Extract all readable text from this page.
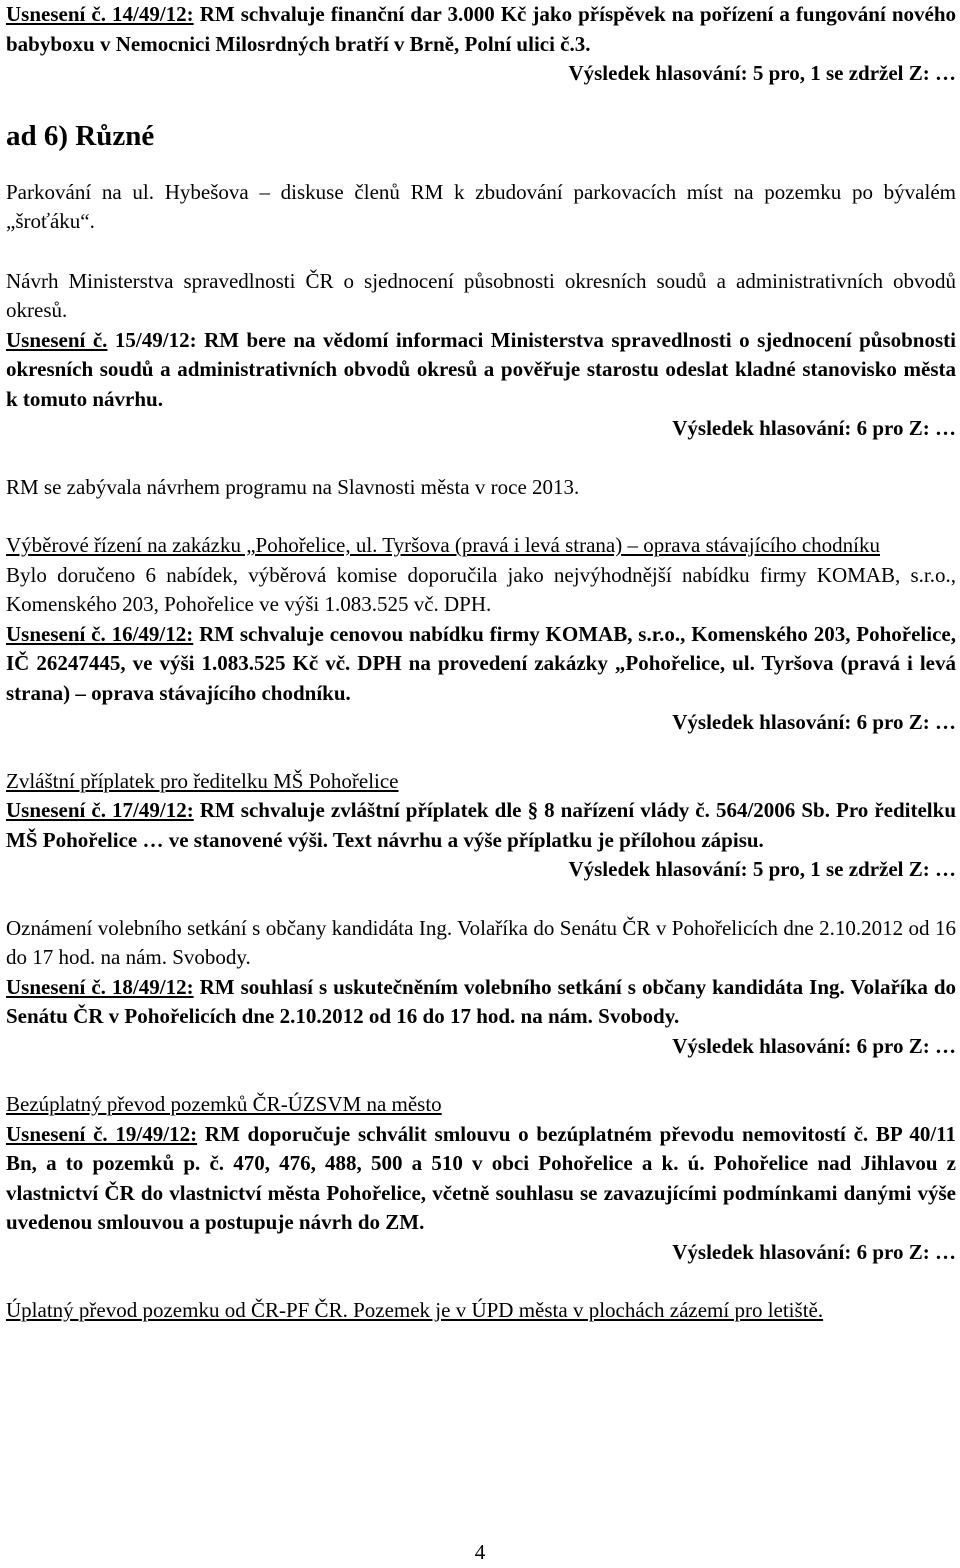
Usnesení č. 14/49/12: RM schvaluje finanční dar 3.000 Kč jako příspěvek na pořízení a fungování nového babyboxu v Nemocnici Milosrdných bratří v Brně, Polní ulici č.3.

Výsledek hlasování: 5 pro, 1 se zdržel Z: …

ad 6) Různé

Parkování na ul. Hybešova – diskuse členů RM k zbudování parkovacích míst na pozemku po bývalém „šroťáku“.

Návrh Ministerstva spravedlnosti ČR o sjednocení působnosti okresních soudů a administrativních obvodů okresů.

Usnesení č. 15/49/12: RM bere na vědomí informaci Ministerstva spravedlnosti o sjednocení působnosti okresních soudů a administrativních obvodů okresů a pověřuje starostu odeslat kladné stanovisko města k tomuto návrhu.

Výsledek hlasování: 6 pro Z: …

RM se zabývala návrhem programu na Slavnosti města v roce 2013.

Výběrové řízení na zakázku „Pohořelice, ul. Tyršova (pravá i levá strana) – oprava stávajícího chodníku

Bylo doručeno 6 nabídek, výběrová komise doporučila jako nejvýhodnější nabídku firmy KOMAB, s.r.o., Komenského 203, Pohořelice ve výši 1.083.525 vč. DPH.

Usnesení č. 16/49/12: RM schvaluje cenovou nabídku firmy KOMAB, s.r.o., Komenského 203, Pohořelice, IČ 26247445, ve výši 1.083.525 Kč vč. DPH na provedení zakázky „Pohořelice, ul. Tyršova (pravá i levá strana) – oprava stávajícího chodníku.

Výsledek hlasování: 6 pro Z: …

Zvláštní příplatek pro ředitelku MŠ Pohořelice

Usnesení č. 17/49/12: RM schvaluje zvláštní příplatek dle § 8 nařízení vlády č. 564/2006 Sb. Pro ředitelku MŠ Pohořelice … ve stanovené výši. Text návrhu a výše příplatku je přílohou zápisu.

Výsledek hlasování: 5 pro, 1 se zdržel Z: …

Oznámení volebního setkání s občany kandidáta Ing. Volaříka do Senátu ČR v Pohořelicích dne 2.10.2012 od 16 do 17 hod. na nám. Svobody.

Usnesení č. 18/49/12: RM souhlasí s uskutečněním volebního setkání s občany kandidáta Ing. Volaříka do Senátu ČR v Pohořelicích dne 2.10.2012 od 16 do 17 hod. na nám. Svobody.

Výsledek hlasování: 6 pro Z: …

Bezúplatný převod pozemků ČR-ÚZSVM na město

Usnesení č. 19/49/12: RM doporučuje schválit smlouvu o bezúplatném převodu nemovitostí č. BP 40/11 Bn, a to pozemků p. č. 470, 476, 488, 500 a 510 v obci Pohořelice a k. ú. Pohořelice nad Jihlavou z vlastnictví ČR do vlastnictví města Pohořelice, včetně souhlasu se zavazujícími podmínkami danými výše uvedenou smlouvou a postupuje návrh do ZM.

Výsledek hlasování: 6 pro Z: …

Úplatný převod pozemku od ČR-PF ČR. Pozemek je v ÚPD města v plochách zázemí pro letiště.

4
